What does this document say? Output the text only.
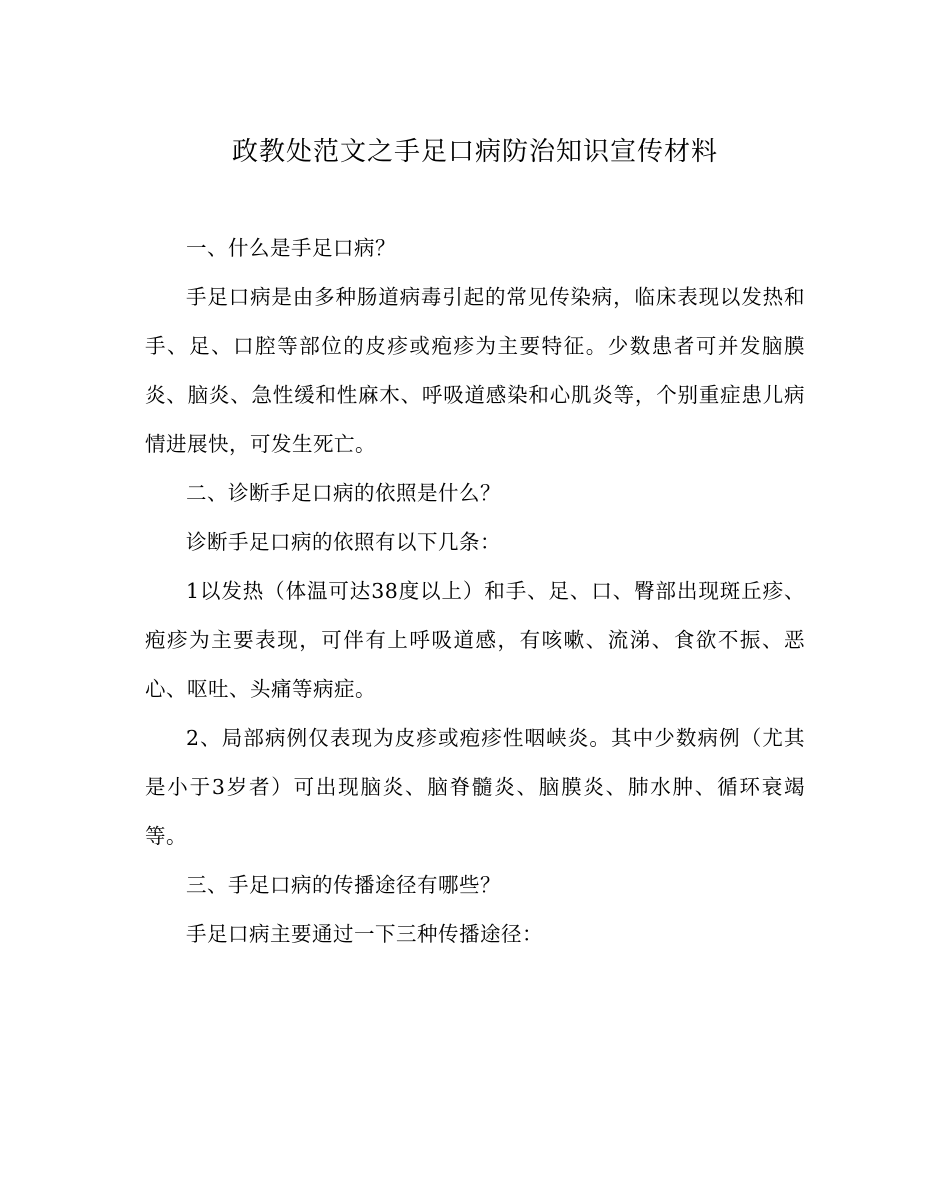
政教处范文之手足口病防治知识宣传材料

一、什么是手足口病？

手足口病是由多种肠道病毒引起的常见传染病，临床表现以发热和手、足、口腔等部位的皮疹或疱疹为主要特征。少数患者可并发脑膜炎、脑炎、急性缓和性麻木、呼吸道感染和心肌炎等，个别重症患儿病情进展快，可发生死亡。

二、诊断手足口病的依照是什么？

诊断手足口病的依照有以下几条：

1以发热（体温可达38度以上）和手、足、口、臀部出现斑丘疹、疱疹为主要表现，可伴有上呼吸道感，有咳嗽、流涕、食欲不振、恶心、呕吐、头痛等病症。

2、局部病例仅表现为皮疹或疱疹性咽峡炎。其中少数病例（尤其是小于3岁者）可出现脑炎、脑脊髓炎、脑膜炎、肺水肿、循环衰竭等。

三、手足口病的传播途径有哪些？

手足口病主要通过一下三种传播途径：
